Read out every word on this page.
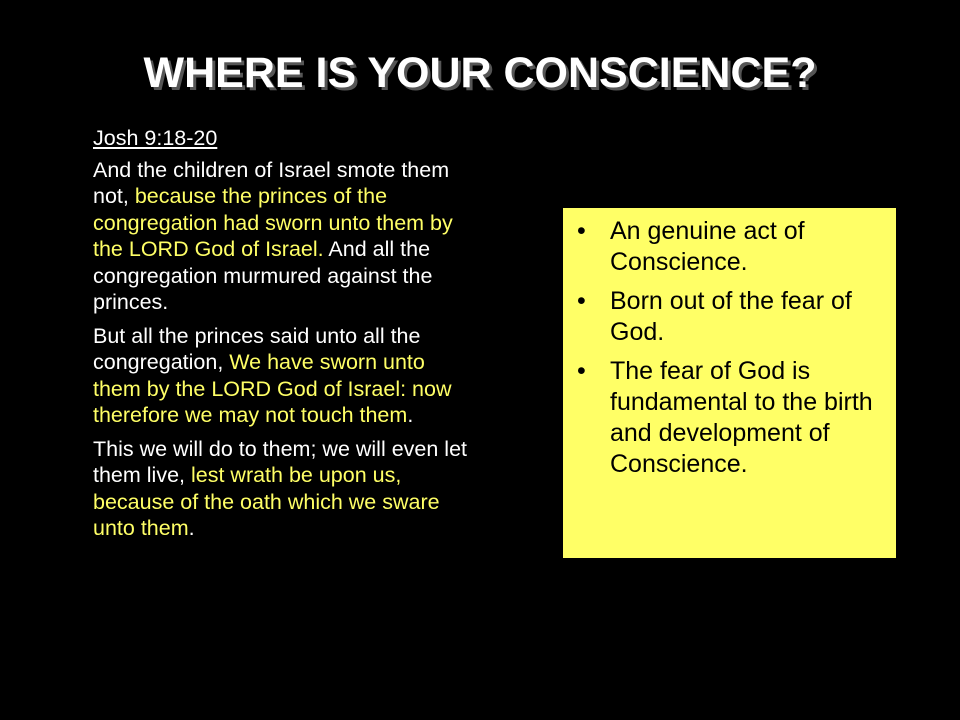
WHERE IS YOUR CONSCIENCE?
Josh 9:18-20
And the children of Israel smote them not, because the princes of the congregation had sworn unto them by the LORD God of Israel. And all the congregation murmured against the princes.
But all the princes said unto all the congregation, We have sworn unto them by the LORD God of Israel: now therefore we may not touch them.
This we will do to them; we will even let them live, lest wrath be upon us, because of the oath which we sware unto them.
• An genuine act of Conscience.
• Born out of the fear of God.
• The fear of God is fundamental to the birth and development of Conscience.
